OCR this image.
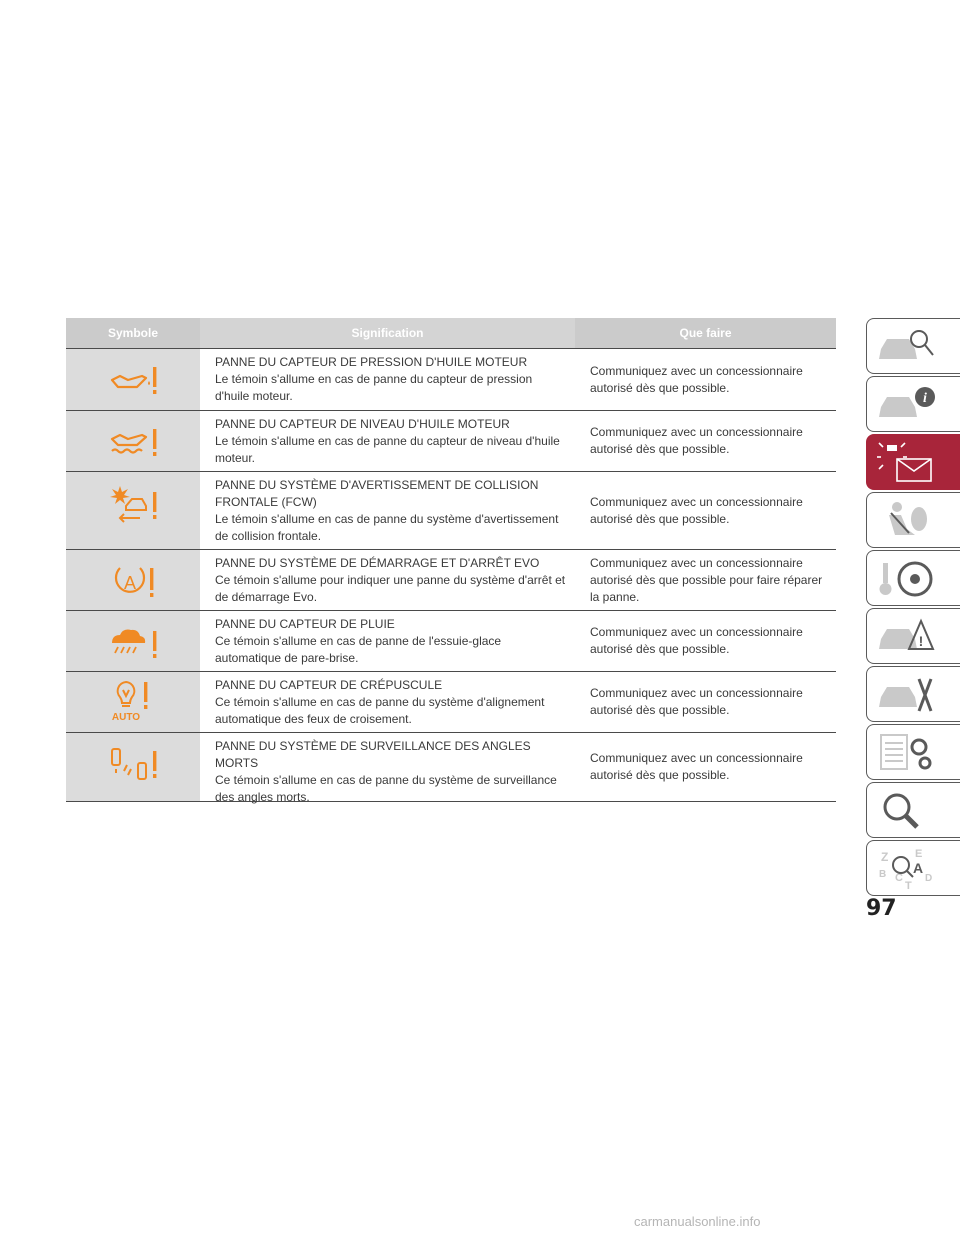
Symbole	Signification	Que faire
PANNE DU CAPTEUR DE PRESSION D'HUILE MOTEUR
Le témoin s'allume en cas de panne du capteur de pression d'huile moteur.
Communiquez avec un concessionnaire autorisé dès que possible.
PANNE DU CAPTEUR DE NIVEAU D'HUILE MOTEUR
Le témoin s'allume en cas de panne du capteur de niveau d'huile moteur.
Communiquez avec un concessionnaire autorisé dès que possible.
PANNE DU SYSTÈME D'AVERTISSEMENT DE COLLISION FRONTALE (FCW)
Le témoin s'allume en cas de panne du système d'avertissement de collision frontale.
Communiquez avec un concessionnaire autorisé dès que possible.
A
PANNE DU SYSTÈME DE DÉMARRAGE ET D'ARRÊT EVO
Ce témoin s'allume pour indiquer une panne du système d'arrêt et de démarrage Evo.
Communiquez avec un concessionnaire autorisé dès que possible pour faire réparer la panne.
PANNE DU CAPTEUR DE PLUIE
Ce témoin s'allume en cas de panne de l'essuie-glace automatique de pare-brise.
Communiquez avec un concessionnaire autorisé dès que possible.
AUTO
PANNE DU CAPTEUR DE CRÉPUSCULE
Ce témoin s'allume en cas de panne du système d'alignement automatique des feux de croisement.
Communiquez avec un concessionnaire autorisé dès que possible.
PANNE DU SYSTÈME DE SURVEILLANCE DES ANGLES MORTS
Ce témoin s'allume en cas de panne du système de surveillance des angles morts.
Communiquez avec un concessionnaire autorisé dès que possible.
i
!
Z E
A
B C D
T
97
carmanualsonline.info
